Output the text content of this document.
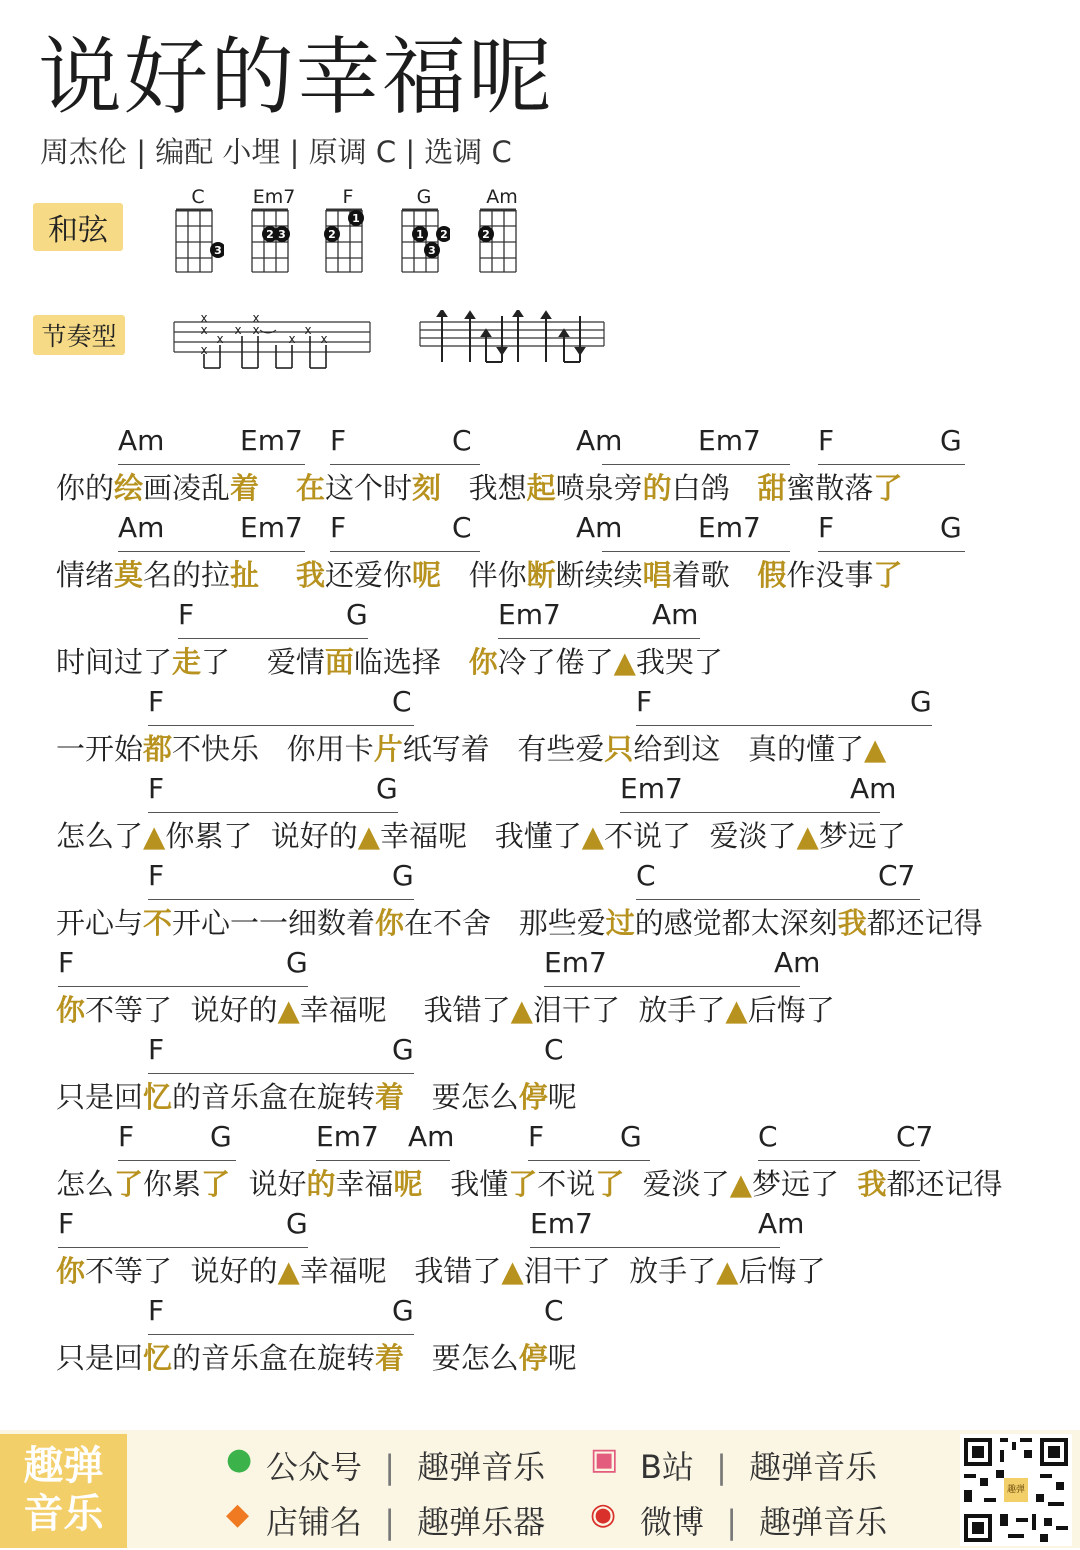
说好的幸福呢
周杰伦 | 编配 小埋 | 原调 C | 选调 C
和弦
节奏型
C
3
Em7
2 3
F
2
1
G
1
3
2
Am
2
x
x
x
x
x
x
x
x
x
x
Am	Em7 F	C	Am	Em7 F	G
你的绘画凌乱着 在这个时刻   我想起喷泉旁的白鸽   甜蜜散落了
Am	Em7 F	C	Am	Em7 F	G
情绪莫名的拉扯 我还爱你呢   伴你断断续续唱着歌   假作没事了
F	G	Em7	Am
时间过了走了    爱情面临选择   你冷了倦了▲我哭了
F	C	F	G
一开始都不快乐   你用卡片纸写着   有些爱只给到这   真的懂了▲
F	G	Em7	Am
怎么了▲你累了  说好的▲幸福呢   我懂了▲不说了  爱淡了▲梦远了
F	G	C	C7
开心与不开心一一细数着你在不舍   那些爱过的感觉都太深刻我都还记得
F	G	Em7	Am
你不等了  说好的▲幸福呢    我错了▲泪干了  放手了▲后悔了
F	G	C
只是回忆的音乐盒在旋转着   要怎么停呢
F	G	Em7 Am	F	G	C	C7
怎么了你累了  说好的幸福呢   我懂了不说了  爱淡了▲梦远了  我都还记得
F	G	Em7	Am
你不等了  说好的▲幸福呢   我错了▲泪干了  放手了▲后悔了
F	G	C
只是回忆的音乐盒在旋转着   要怎么停呢
趣弹
音乐
● 公众号 | 趣弹音乐 ▣ B站 | 趣弹音乐
◆ 店铺名 | 趣弹乐器 ◉ 微博 | 趣弹音乐
趣弹
